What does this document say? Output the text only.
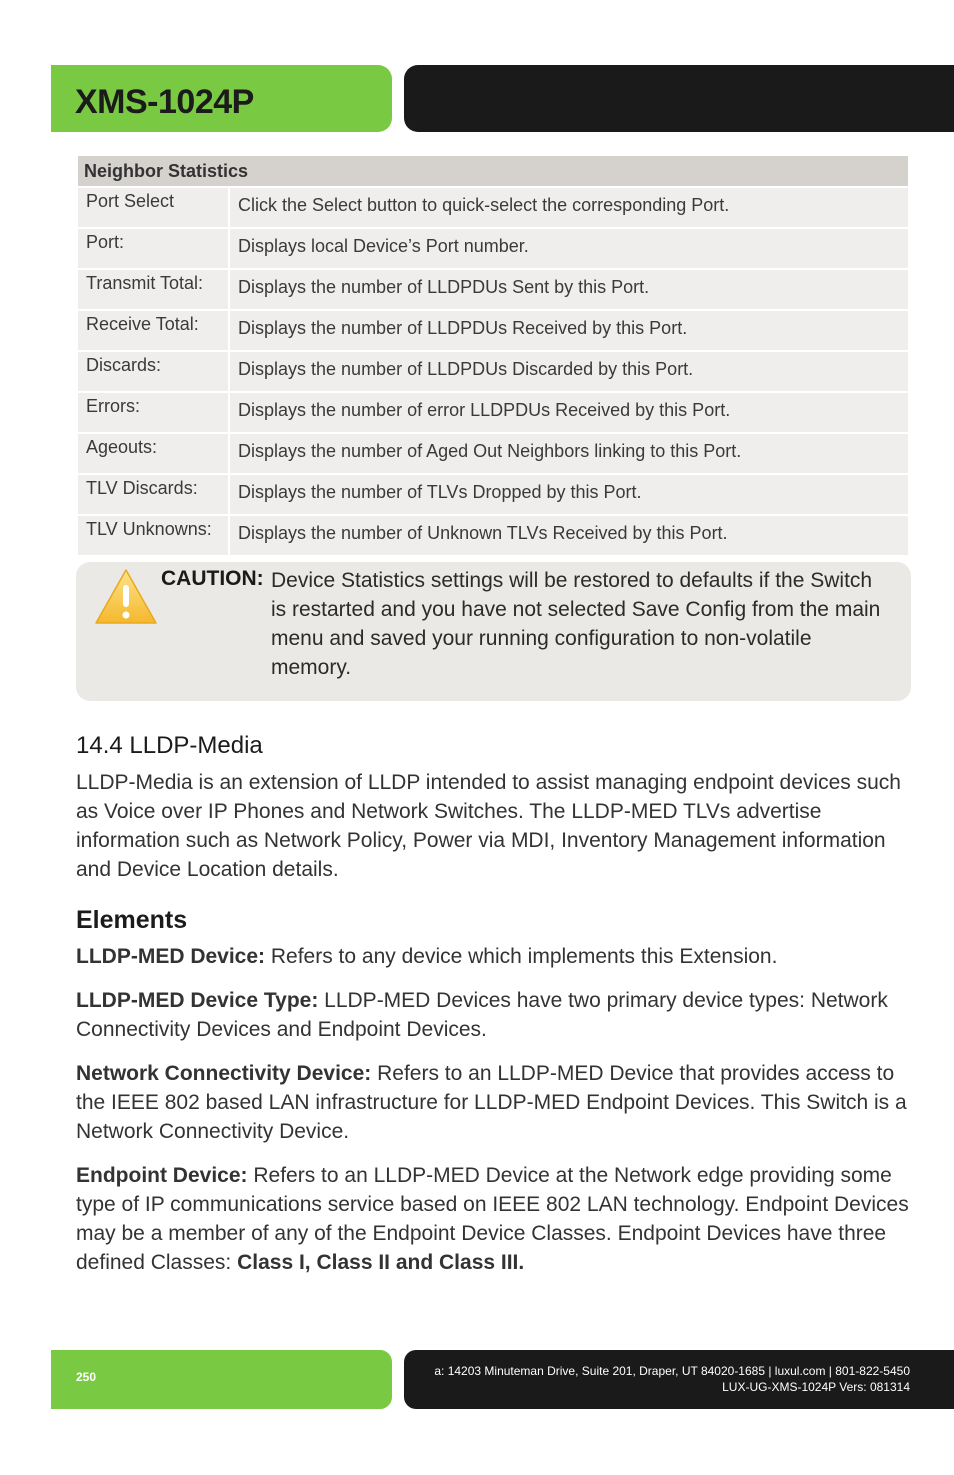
XMS-1024P
Neighbor Statistics	
Port Select	Click the Select button to quick-select the corresponding Port.
Port:	Displays local Device’s Port number.
Transmit Total:	Displays the number of LLDPDUs Sent by this Port.
Receive Total:	Displays the number of LLDPDUs Received by this Port.
Discards:	Displays the number of LLDPDUs Discarded by this Port.
Errors:	Displays the number of error LLDPDUs Received by this Port.
Ageouts:	Displays the number of Aged Out Neighbors linking to this Port.
TLV Discards:	Displays the number of TLVs Dropped by this Port.
TLV Unknowns:	Displays the number of Unknown TLVs Received by this Port.
CAUTION: Device Statistics settings will be restored to defaults if the Switch is restarted and you have not selected Save Config from the main menu and saved your running configuration to non-volatile memory.
14.4 LLDP-Media

LLDP-Media is an extension of LLDP intended to assist managing endpoint devices such as Voice over IP Phones and Network Switches. The LLDP-MED TLVs advertise information such as Network Policy, Power via MDI, Inventory Management information and Device Location details.

Elements

LLDP-MED Device: Refers to any device which implements this Extension.

LLDP-MED Device Type: LLDP-MED Devices have two primary device types: Network Connectivity Devices and Endpoint Devices.

Network Connectivity Device: Refers to an LLDP-MED Device that provides access to the IEEE 802 based LAN infrastructure for LLDP-MED Endpoint Devices. This Switch is a Network Connectivity Device.

Endpoint Device: Refers to an LLDP-MED Device at the Network edge providing some type of IP communications service based on IEEE 802 LAN technology. Endpoint Devices may be a member of any of the Endpoint Device Classes. Endpoint Devices have three defined Classes: Class I, Class II and Class III.

250	a: 14203 Minuteman Drive, Suite 201, Draper, UT 84020-1685 | luxul.com | 801-822-5450
LUX-UG-XMS-1024P Vers: 081314
